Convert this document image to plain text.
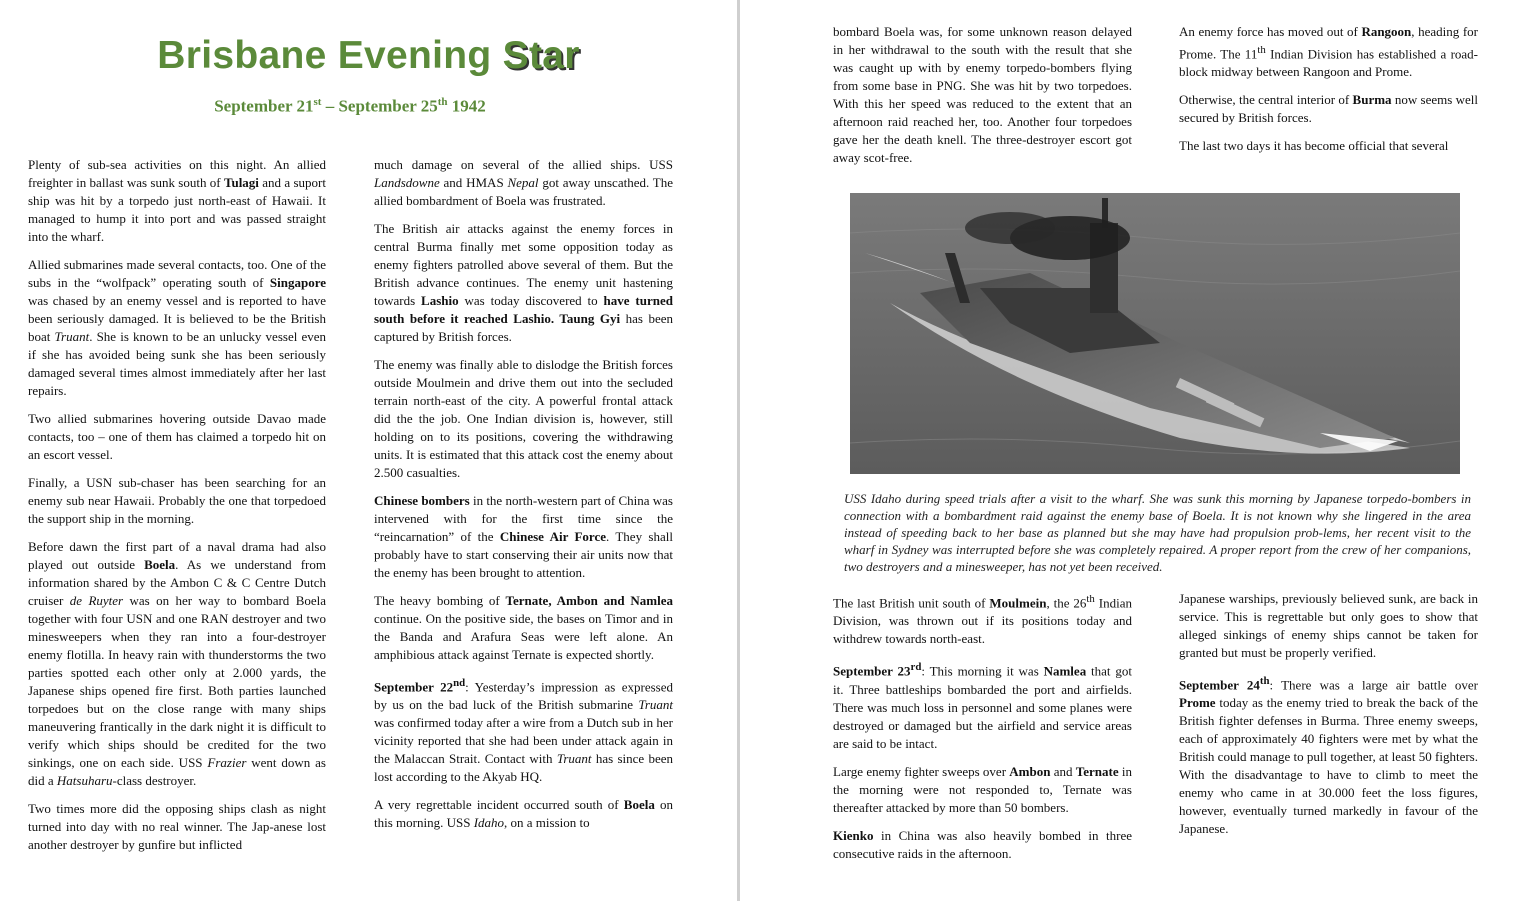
Brisbane Evening Star
September 21st – September 25th 1942

Plenty of sub-sea activities on this night. An allied freighter in ballast was sunk south of Tulagi and a suport ship was hit by a torpedo just north-east of Hawaii. It managed to hump it into port and was passed straight into the wharf.

Allied submarines made several contacts, too. One of the subs in the “wolfpack” operating south of Singapore was chased by an enemy vessel and is reported to have been seriously damaged. It is believed to be the British boat Truant. She is known to be an unlucky vessel even if she has avoided being sunk she has been seriously damaged several times almost immediately after her last repairs.

Two allied submarines hovering outside Davao made contacts, too – one of them has claimed a torpedo hit on an escort vessel.

Finally, a USN sub-chaser has been searching for an enemy sub near Hawaii. Probably the one that torpedoed the support ship in the morning.

Before dawn the first part of a naval drama had also played out outside Boela. As we understand from information shared by the Ambon C & C Centre Dutch cruiser de Ruyter was on her way to bombard Boela together with four USN and one RAN destroyer and two minesweepers when they ran into a four-destroyer enemy flotilla. In heavy rain with thunderstorms the two parties spotted each other only at 2.000 yards, the Japanese ships opened fire first. Both parties launched torpedoes but on the close range with many ships maneuvering frantically in the dark night it is difficult to verify which ships should be credited for the two sinkings, one on each side. USS Frazier went down as did a Hatsuharu-class destroyer.

Two times more did the opposing ships clash as night turned into day with no real winner. The Jap-anese lost another destroyer by gunfire but inflicted

much damage on several of the allied ships. USS Landsdowne and HMAS Nepal got away unscathed. The allied bombardment of Boela was frustrated.

The British air attacks against the enemy forces in central Burma finally met some opposition today as enemy fighters patrolled above several of them. But the British advance continues. The enemy unit hastening towards Lashio was today discovered to have turned south before it reached Lashio. Taung Gyi has been captured by British forces.

The enemy was finally able to dislodge the British forces outside Moulmein and drive them out into the secluded terrain north-east of the city. A powerful frontal attack did the the job. One Indian division is, however, still holding on to its positions, covering the withdrawing units. It is estimated that this attack cost the enemy about 2.500 casualties.

Chinese bombers in the north-western part of China was intervened with for the first time since the “reincarnation” of the Chinese Air Force. They shall probably have to start conserving their air units now that the enemy has been brought to attention.

The heavy bombing of Ternate, Ambon and Namlea continue. On the positive side, the bases on Timor and in the Banda and Arafura Seas were left alone. An amphibious attack against Ternate is expected shortly.

September 22nd: Yesterday’s impression as expressed by us on the bad luck of the British submarine Truant was confirmed today after a wire from a Dutch sub in her vicinity reported that she had been under attack again in the Malaccan Strait. Contact with Truant has since been lost according to the Akyab HQ.

A very regrettable incident occurred south of Boela on this morning. USS Idaho, on a mission to

bombard Boela was, for some unknown reason delayed in her withdrawal to the south with the result that she was caught up with by enemy torpedo-bombers flying from some base in PNG. She was hit by two torpedoes. With this her speed was reduced to the extent that an afternoon raid reached her, too. Another four torpedoes gave her the death knell. The three-destroyer escort got away scot-free.

An enemy force has moved out of Rangoon, heading for Prome. The 11th Indian Division has established a road-block midway between Rangoon and Prome.

Otherwise, the central interior of Burma now seems well secured by British forces.

The last two days it has become official that several

USS Idaho during speed trials after a visit to the wharf. She was sunk this morning by Japanese torpedo-bombers in connection with a bombardment raid against the enemy base of Boela. It is not known why she lingered in the area instead of speeding back to her base as planned but she may have had propulsion prob-lems, her recent visit to the wharf in Sydney was interrupted before she was completely repaired. A proper report from the crew of her companions, two destroyers and a minesweeper, has not yet been received.

The last British unit south of Moulmein, the 26th Indian Division, was thrown out if its positions today and withdrew towards north-east.

September 23rd: This morning it was Namlea that got it. Three battleships bombarded the port and airfields. There was much loss in personnel and some planes were destroyed or damaged but the airfield and service areas are said to be intact.

Large enemy fighter sweeps over Ambon and Ternate in the morning were not responded to, Ternate was thereafter attacked by more than 50 bombers.

Kienko in China was also heavily bombed in three consecutive raids in the afternoon.

Japanese warships, previously believed sunk, are back in service. This is regrettable but only goes to show that alleged sinkings of enemy ships cannot be taken for granted but must be properly verified.

September 24th: There was a large air battle over Prome today as the enemy tried to break the back of the British fighter defenses in Burma. Three enemy sweeps, each of approximately 40 fighters were met by what the British could manage to pull together, at least 50 fighters. With the disadvantage to have to climb to meet the enemy who came in at 30.000 feet the loss figures, however, eventually turned markedly in favour of the Japanese.
